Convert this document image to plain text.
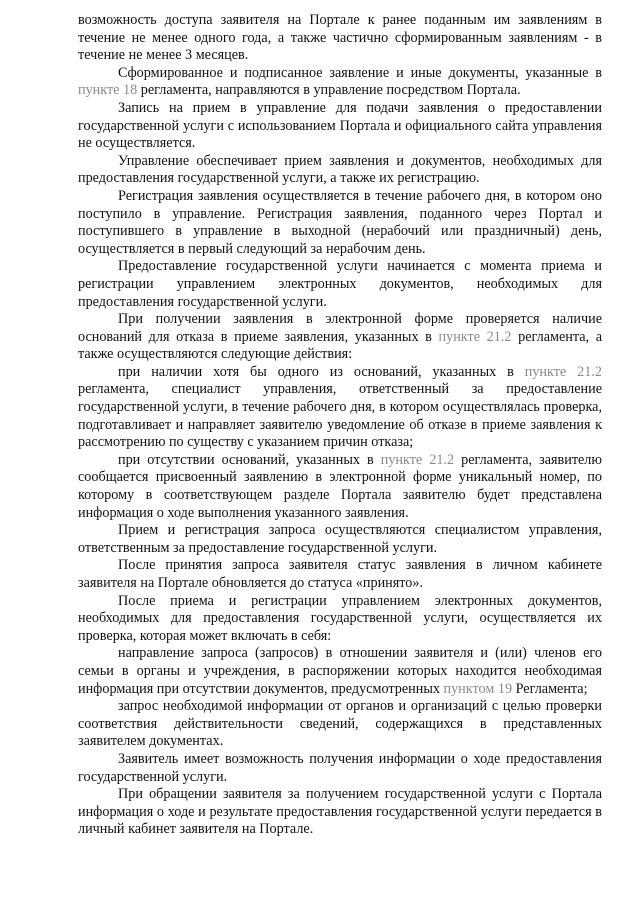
возможность доступа заявителя на Портале к ранее поданным им заявлениям в течение не менее одного года, а также частично сформированным заявлениям - в течение не менее 3 месяцев.

Сформированное и подписанное заявление и иные документы, указанные в пункте 18 регламента, направляются в управление посредством Портала.

Запись на прием в управление для подачи заявления о предоставлении государственной услуги с использованием Портала и официального сайта управления не осуществляется.

Управление обеспечивает прием заявления и документов, необходимых для предоставления государственной услуги, а также их регистрацию.

Регистрация заявления осуществляется в течение рабочего дня, в котором оно поступило в управление. Регистрация заявления, поданного через Портал и поступившего в управление в выходной (нерабочий или праздничный) день, осуществляется в первый следующий за нерабочим день.

Предоставление государственной услуги начинается с момента приема и регистрации управлением электронных документов, необходимых для предоставления государственной услуги.

При получении заявления в электронной форме проверяется наличие оснований для отказа в приеме заявления, указанных в пункте 21.2 регламента, а также осуществляются следующие действия:

при наличии хотя бы одного из оснований, указанных в пункте 21.2 регламента, специалист управления, ответственный за предоставление государственной услуги, в течение рабочего дня, в котором осуществлялась проверка, подготавливает и направляет заявителю уведомление об отказе в приеме заявления к рассмотрению по существу с указанием причин отказа;

при отсутствии оснований, указанных в пункте 21.2 регламента, заявителю сообщается присвоенный заявлению в электронной форме уникальный номер, по которому в соответствующем разделе Портала заявителю будет представлена информация о ходе выполнения указанного заявления.

Прием и регистрация запроса осуществляются специалистом управления, ответственным за предоставление государственной услуги.

После принятия запроса заявителя статус заявления в личном кабинете заявителя на Портале обновляется до статуса «принято».

После приема и регистрации управлением электронных документов, необходимых для предоставления государственной услуги, осуществляется их проверка, которая может включать в себя:

направление запроса (запросов) в отношении заявителя и (или) членов его семьи в органы и учреждения, в распоряжении которых находится необходимая информация при отсутствии документов, предусмотренных пунктом 19 Регламента;

запрос необходимой информации от органов и организаций с целью проверки соответствия действительности сведений, содержащихся в представленных заявителем документах.

Заявитель имеет возможность получения информации о ходе предоставления государственной услуги.

При обращении заявителя за получением государственной услуги с Портала информация о ходе и результате предоставления государственной услуги передается в личный кабинет заявителя на Портале.
